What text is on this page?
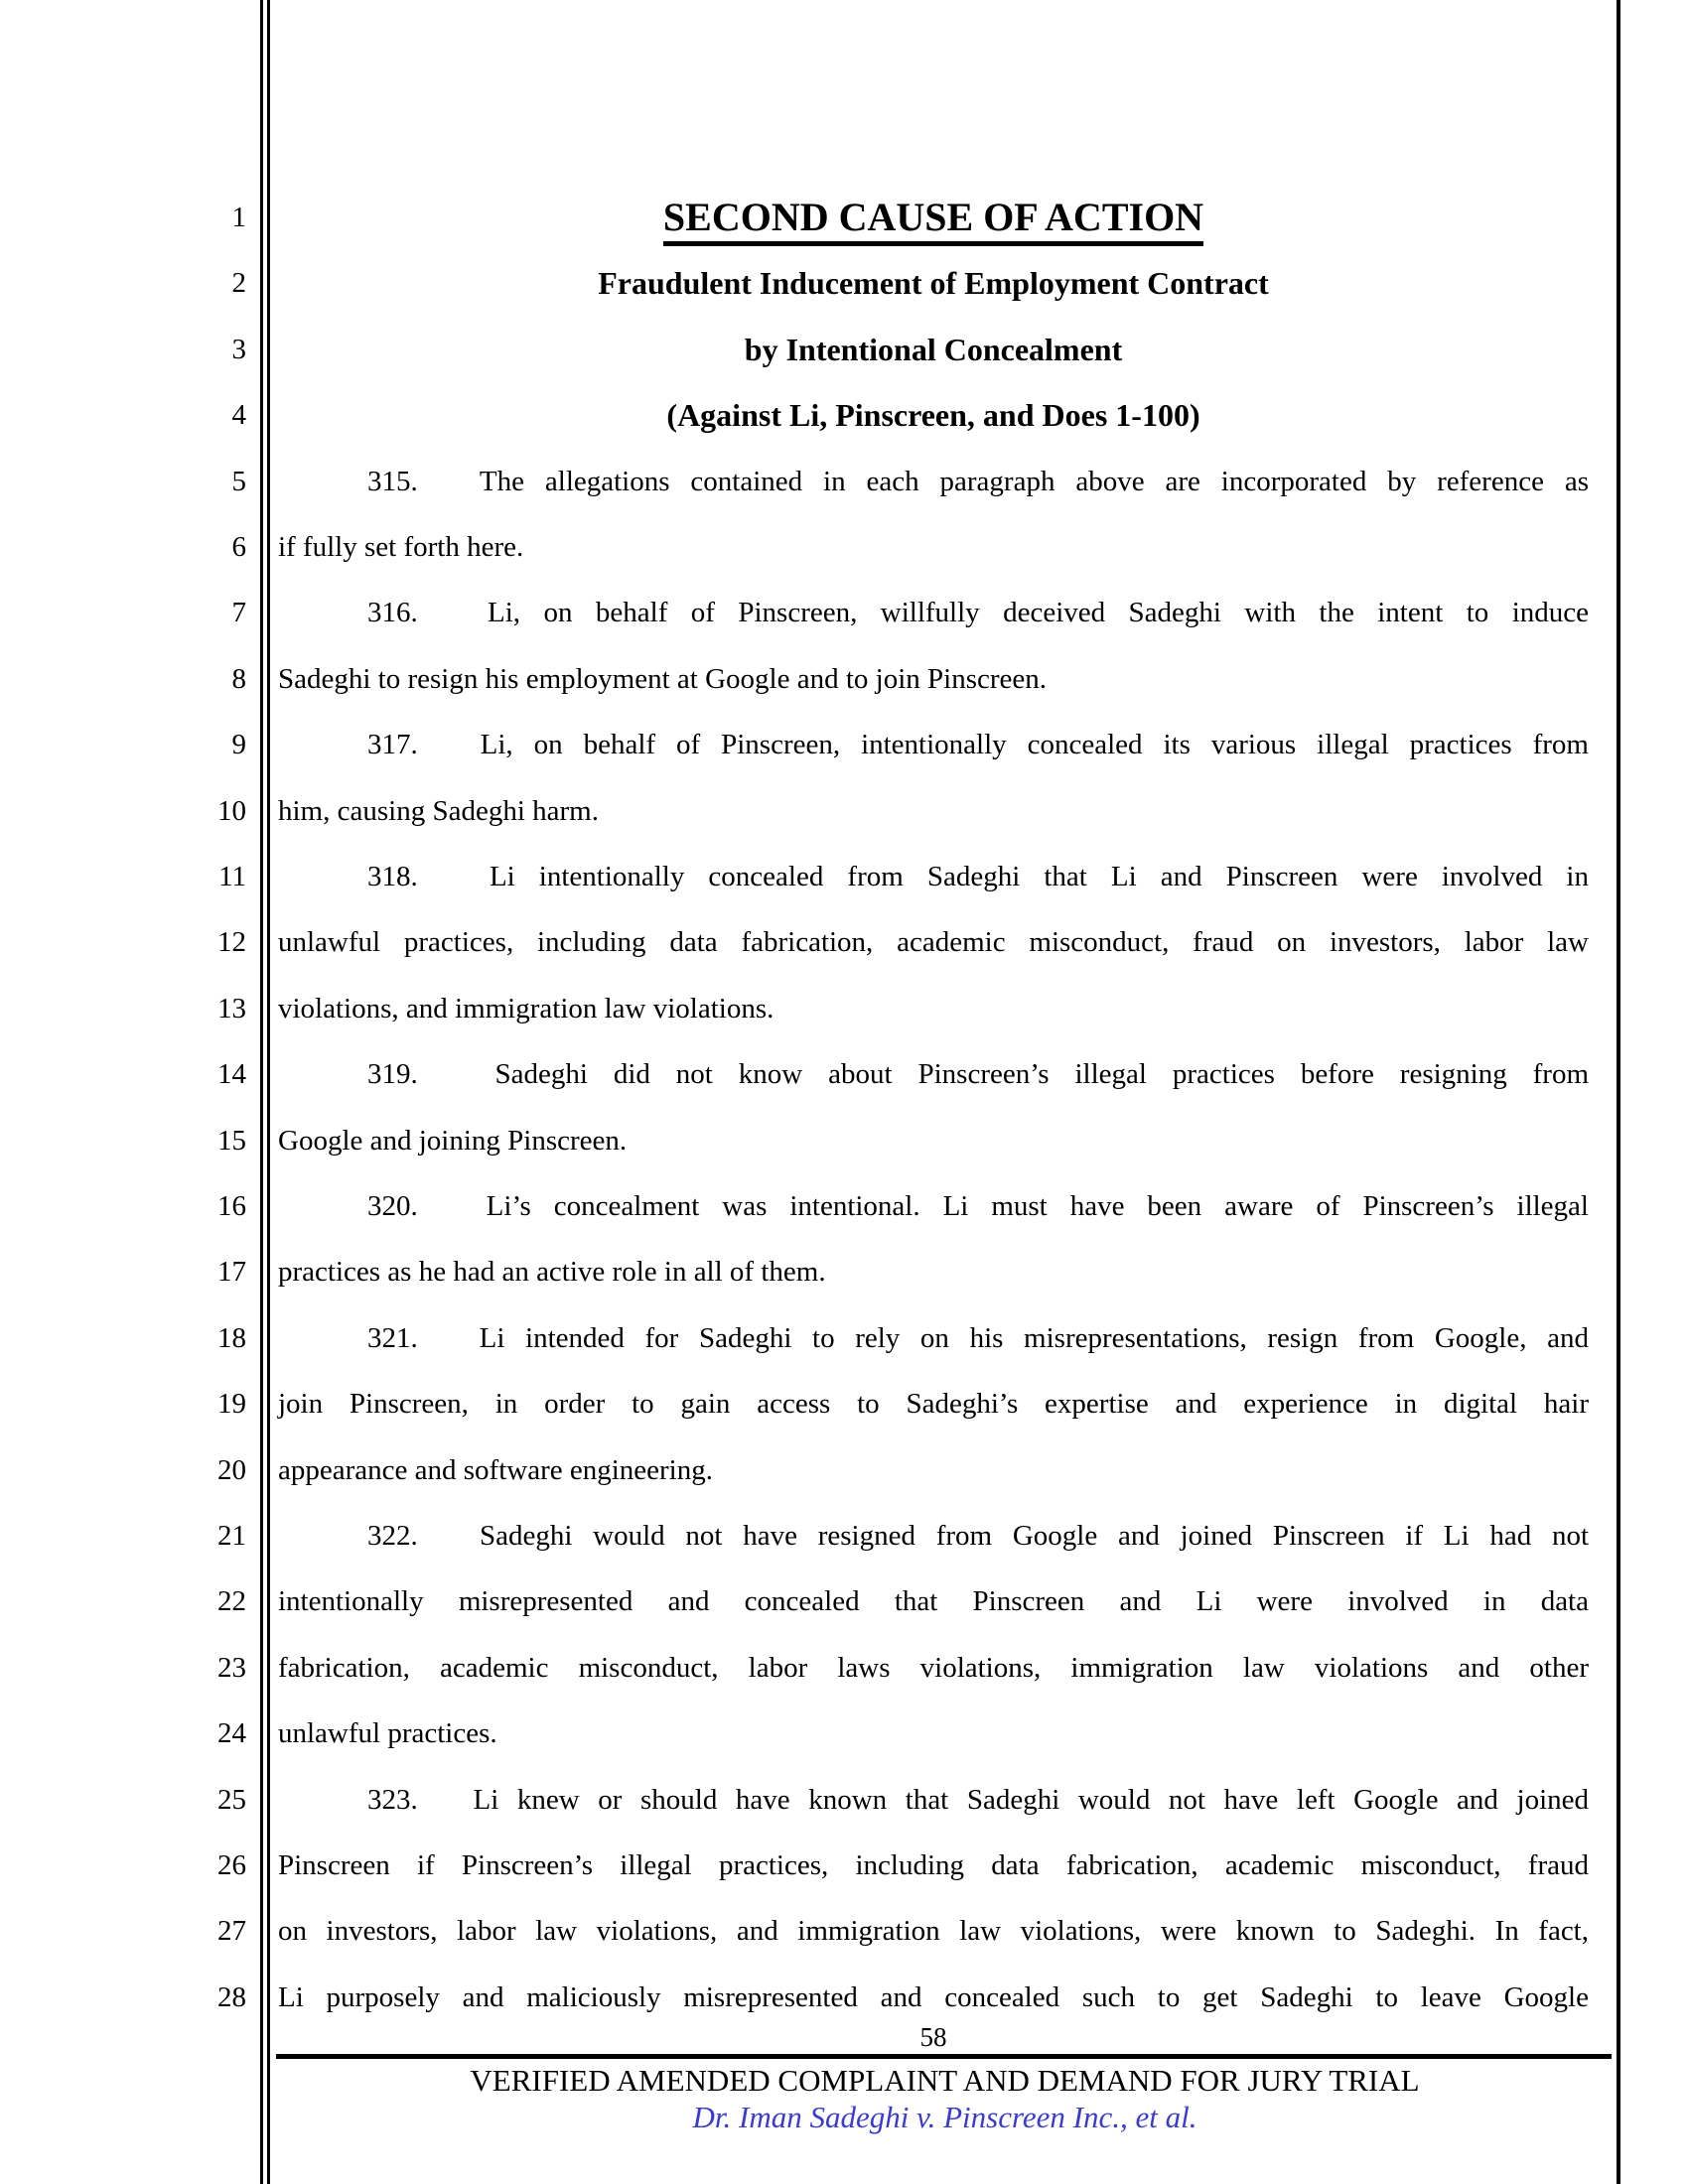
1
2
3
4
5
6
7
8
9
10
11
12
13
14
15
16
17
18
19
20
21
22
23
24
25
26
27
28
SECOND CAUSE OF ACTION
Fraudulent Inducement of Employment Contract
by Intentional Concealment
(Against Li, Pinscreen, and Does 1-100)
315.   The allegations contained in each paragraph above are incorporated by reference as
if fully set forth here.
316.   Li, on behalf of Pinscreen, willfully deceived Sadeghi with the intent to induce
Sadeghi to resign his employment at Google and to join Pinscreen.
317.   Li, on behalf of Pinscreen, intentionally concealed its various illegal practices from
him, causing Sadeghi harm.
318.   Li intentionally concealed from Sadeghi that Li and Pinscreen were involved in
unlawful practices, including data fabrication, academic misconduct, fraud on investors, labor law
violations, and immigration law violations.
319.   Sadeghi did not know about Pinscreen’s illegal practices before resigning from
Google and joining Pinscreen.
320.   Li’s concealment was intentional. Li must have been aware of Pinscreen’s illegal
practices as he had an active role in all of them.
321.   Li intended for Sadeghi to rely on his misrepresentations, resign from Google, and
join Pinscreen, in order to gain access to Sadeghi’s expertise and experience in digital hair
appearance and software engineering.
322.   Sadeghi would not have resigned from Google and joined Pinscreen if Li had not
intentionally misrepresented and concealed that Pinscreen and Li were involved in data
fabrication, academic misconduct, labor laws violations, immigration law violations and other
unlawful practices.
323.   Li knew or should have known that Sadeghi would not have left Google and joined
Pinscreen if Pinscreen’s illegal practices, including data fabrication, academic misconduct, fraud
on investors, labor law violations, and immigration law violations, were known to Sadeghi. In fact,
Li purposely and maliciously misrepresented and concealed such to get Sadeghi to leave Google
58
VERIFIED AMENDED COMPLAINT AND DEMAND FOR JURY TRIAL
Dr. Iman Sadeghi v. Pinscreen Inc., et al.
